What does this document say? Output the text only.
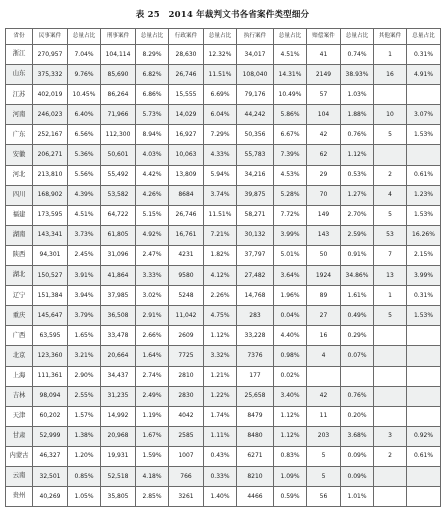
表 25　2014 年裁判文书各省案件类型细分
省份	民事案件	总量占比	刑事案件	总量占比	行政案件	总量占比	执行案件	总量占比	赔偿案件	总量占比	其他案件	总量占比
浙江	270,957	7.04%	104,114	8.29%	28,630	12.32%	34,017	4.51%	41	0.74%	1	0.31%
山东	375,332	9.76%	85,690	6.82%	26,746	11.51%	108,040	14.31%	2149	38.93%	16	4.91%
江苏	402,019	10.45%	86,264	6.86%	15,555	6.69%	79,176	10.49%	57	1.03%		
河南	246,023	6.40%	71,966	5.73%	14,029	6.04%	44,242	5.86%	104	1.88%	10	3.07%
广东	252,167	6.56%	112,300	8.94%	16,927	7.29%	50,356	6.67%	42	0.76%	5	1.53%
安徽	206,271	5.36%	50,601	4.03%	10,063	4.33%	55,783	7.39%	62	1.12%		
河北	213,810	5.56%	55,492	4.42%	13,809	5.94%	34,216	4.53%	29	0.53%	2	0.61%
四川	168,902	4.39%	53,582	4.26%	8684	3.74%	39,875	5.28%	70	1.27%	4	1.23%
福建	173,595	4.51%	64,722	5.15%	26,746	11.51%	58,271	7.72%	149	2.70%	5	1.53%
湖南	143,341	3.73%	61,805	4.92%	16,761	7.21%	30,132	3.99%	143	2.59%	53	16.26%
陕西	94,301	2.45%	31,096	2.47%	4231	1.82%	37,797	5.01%	50	0.91%	7	2.15%
湖北	150,527	3.91%	41,864	3.33%	9580	4.12%	27,482	3.64%	1924	34.86%	13	3.99%
辽宁	151,384	3.94%	37,985	3.02%	5248	2.26%	14,768	1.96%	89	1.61%	1	0.31%
重庆	145,647	3.79%	36,508	2.91%	11,042	4.75%	283	0.04%	27	0.49%	5	1.53%
广西	63,595	1.65%	33,478	2.66%	2609	1.12%	33,228	4.40%	16	0.29%		
北京	123,360	3.21%	20,664	1.64%	7725	3.32%	7376	0.98%	4	0.07%		
上海	111,361	2.90%	34,437	2.74%	2810	1.21%	177	0.02%				
吉林	98,094	2.55%	31,235	2.49%	2830	1.22%	25,658	3.40%	42	0.76%		
天津	60,202	1.57%	14,992	1.19%	4042	1.74%	8479	1.12%	11	0.20%		
甘肃	52,999	1.38%	20,968	1.67%	2585	1.11%	8480	1.12%	203	3.68%	3	0.92%
内蒙古	46,327	1.20%	19,931	1.59%	1007	0.43%	6271	0.83%	5	0.09%	2	0.61%
云南	32,501	0.85%	52,518	4.18%	766	0.33%	8210	1.09%	5	0.09%		
贵州	40,269	1.05%	35,805	2.85%	3261	1.40%	4466	0.59%	56	1.01%		
